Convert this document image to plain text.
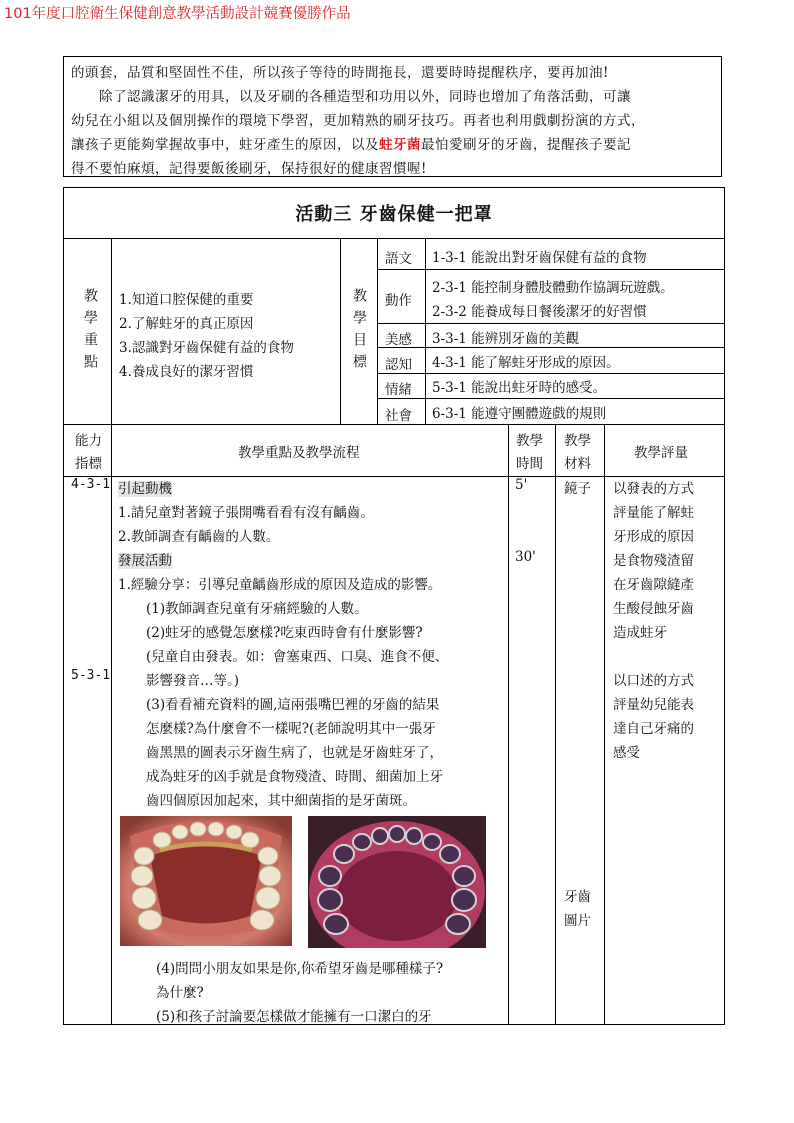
101年度口腔衛生保健創意教學活動設計競賽優勝作品

的頭套，品質和堅固性不佳，所以孩子等待的時間拖長，還要時時提醒秩序，要再加油!

除了認識潔牙的用具，以及牙刷的各種造型和功用以外，同時也增加了角落活動，可讓

幼兒在小組以及個別操作的環境下學習，更加精熟的刷牙技巧。再者也利用戲劇扮演的方式，

讓孩子更能夠掌握故事中，蛀牙產生的原因，以及蛀牙菌最怕愛刷牙的牙齒，提醒孩子要記

得不要怕麻煩，記得要飯後刷牙，保持很好的健康習慣喔!

活動三 牙齒保健一把罩
教學重點 1.知道口腔保健的重要
2.了解蛀牙的真正原因
3.認識對牙齒保健有益的食物
4.養成良好的潔牙習慣	教學目標
語文 1-3-1 能說出對牙齒保健有益的食物
動作
2-3-1 能控制身體肢體動作協調玩遊戲。
2-3-2 能養成每日餐後潔牙的好習慣
美感 3-3-1 能辨別牙齒的美觀
認知 4-3-1 能了解蛀牙形成的原因。
情緒 5-3-1 能說出蛀牙時的感受。
社會 6-3-1 能遵守團體遊戲的規則
能力
指標
教學重點及教學流程
教學
時間
教學
材料
教學評量
4-3-1
5-3-1
引起動機
1.請兒童對著鏡子張開嘴看看有沒有齲齒。
2.教師調查有齲齒的人數。
發展活動
1.經驗分享：引導兒童齲齒形成的原因及造成的影響。
(1)教師調查兒童有牙痛經驗的人數。
(2)蛀牙的感覺怎麼樣?吃東西時會有什麼影響?
(兒童自由發表。如：會塞東西、口臭、進食不便、
影響發音…等。)
(3)看看補充資料的圖,這兩張嘴巴裡的牙齒的結果
怎麼樣?為什麼會不一樣呢?(老師說明其中一張牙
齒黑黑的圖表示牙齒生病了，也就是牙齒蛀牙了，
成為蛀牙的凶手就是食物殘渣、時間、細菌加上牙
齒四個原因加起來，其中細菌指的是牙菌斑。
(4)問問小朋友如果是你,你希望牙齒是哪種樣子?
為什麼?
(5)和孩子討論要怎樣做才能擁有一口潔白的牙
5'
30'
鏡子
牙齒
圖片
以發表的方式
評量能了解蛀
牙形成的原因
是食物殘渣留
在牙齒隙縫產
生酸侵蝕牙齒
造成蛀牙
以口述的方式
評量幼兒能表
達自己牙痛的
感受
